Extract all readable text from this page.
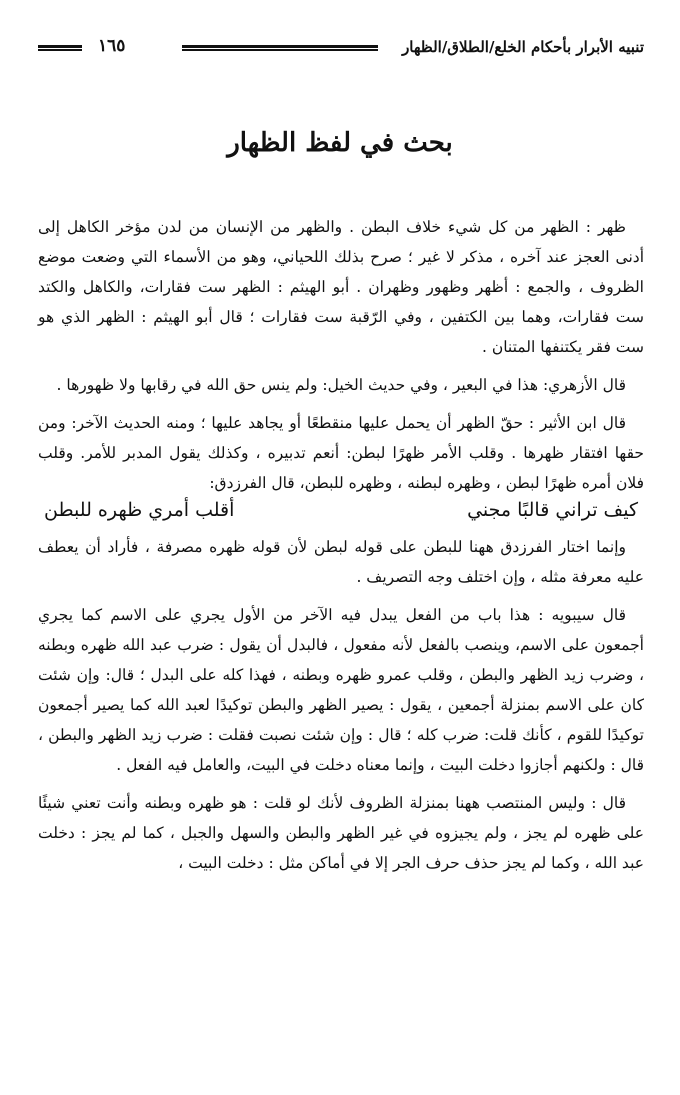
تنبيه الأبرار بأحكام الخلع/الطلاق/الظهار
١٦٥
بحث في لفظ الظهار

ظهر : الظهر من كل شيء خلاف البطن . والظهر من الإنسان من لدن مؤخر الكاهل إلى أدنى العجز عند آخره ، مذكر لا غير ؛ صرح بذلك اللحياني، وهو من الأسماء التي وضعت موضع الظروف ، والجمع : أظهر وظهور وظهران . أبو الهيثم : الظهر ست فقارات، والكاهل والكتد ست فقارات، وهما بين الكتفين ، وفي الرّقبة ست فقارات ؛ قال أبو الهيثم : الظهر الذي هو ست فقر يكتنفها المتنان .

قال الأزهري: هذا في البعير ، وفي حديث الخيل: ولم ينس حق الله في رقابها ولا ظهورها .

قال ابن الأثير : حقّ الظهر أن يحمل عليها منقطعًا أو يجاهد عليها ؛ ومنه الحديث الآخر: ومن حقها افتقار ظهرها . وقلب الأمر ظهرًا لبطن: أنعم تدبيره ، وكذلك يقول المدبر للأمر. وقلب فلان أمره ظهرًا لبطن ، وظهره لبطنه ، وظهره للبطن، قال الفرزدق:

كيف تراني قالبًا مجني
أقلب أمري ظهره للبطن

وإنما اختار الفرزدق ههنا للبطن على قوله لبطن لأن قوله ظهره مصرفة ، فأراد أن يعطف عليه معرفة مثله ، وإن اختلف وجه التصريف .

قال سيبويه : هذا باب من الفعل يبدل فيه الآخر من الأول يجري على الاسم كما يجري أجمعون على الاسم، وينصب بالفعل لأنه مفعول ، فالبدل أن يقول : ضرب عبد الله ظهره وبطنه ، وضرب زيد الظهر والبطن ، وقلب عمرو ظهره وبطنه ، فهذا كله على البدل ؛ قال: وإن شئت كان على الاسم بمنزلة أجمعين ، يقول : يصير الظهر والبطن توكيدًا لعبد الله كما يصير أجمعون توكيدًا للقوم ، كأنك قلت: ضرب كله ؛ قال : وإن شئت نصبت فقلت : ضرب زيد الظهر والبطن ، قال : ولكنهم أجازوا دخلت البيت ، وإنما معناه دخلت في البيت، والعامل فيه الفعل .

قال : وليس المنتصب ههنا بمنزلة الظروف لأنك لو قلت : هو ظهره وبطنه وأنت تعني شيئًا على ظهره لم يجز ، ولم يجيزوه في غير الظهر والبطن والسهل والجبل ، كما لم يجز : دخلت عبد الله ، وكما لم يجز حذف حرف الجر إلا في أماكن مثل : دخلت البيت ،
